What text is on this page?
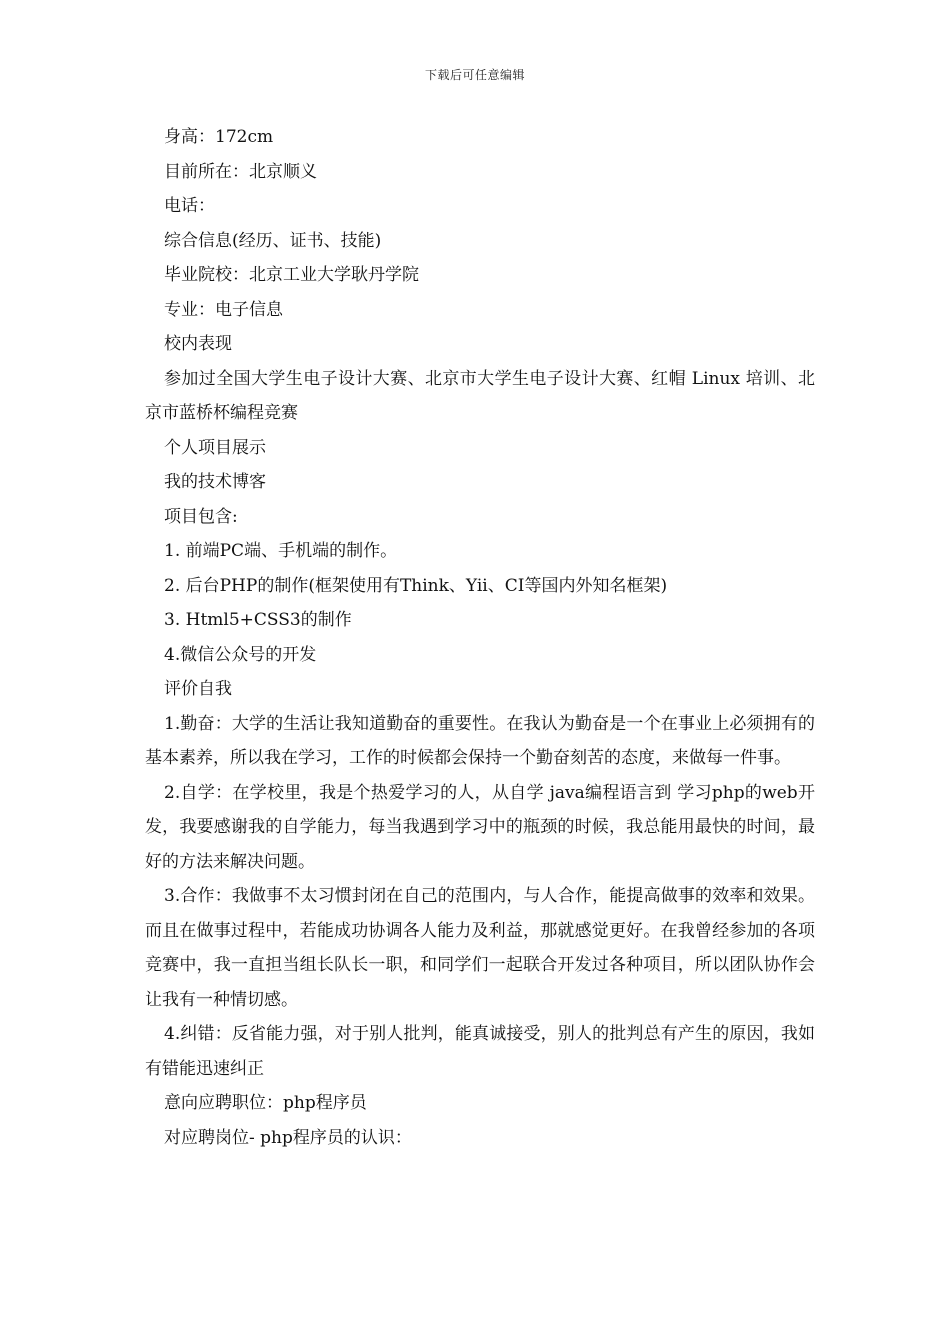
下载后可任意编辑

身高：172cm

目前所在：北京顺义

电话：

综合信息(经历、证书、技能)

毕业院校：北京工业大学耿丹学院

专业：电子信息

校内表现

参加过全国大学生电子设计大赛、北京市大学生电子设计大赛、红帽 Linux 培训、北京市蓝桥杯编程竞赛

个人项目展示

我的技术博客

项目包含:

1. 前端PC端、手机端的制作。

2. 后台PHP的制作(框架使用有Think、Yii、CI等国内外知名框架)

3. Html5+CSS3的制作

4.微信公众号的开发

评价自我

1.勤奋：大学的生活让我知道勤奋的重要性。在我认为勤奋是一个在事业上必须拥有的基本素养，所以我在学习，工作的时候都会保持一个勤奋刻苦的态度，来做每一件事。

2.自学：在学校里，我是个热爱学习的人，从自学 java编程语言到 学习php的web开发，我要感谢我的自学能力，每当我遇到学习中的瓶颈的时候，我总能用最快的时间，最好的方法来解决问题。

3.合作：我做事不太习惯封闭在自己的范围内，与人合作，能提高做事的效率和效果。而且在做事过程中，若能成功协调各人能力及利益，那就感觉更好。在我曾经参加的各项竞赛中，我一直担当组长队长一职，和同学们一起联合开发过各种项目，所以团队协作会让我有一种情切感。

4.纠错：反省能力强，对于别人批判，能真诚接受，别人的批判总有产生的原因，我如有错能迅速纠正

意向应聘职位：php程序员

对应聘岗位- php程序员的认识：
